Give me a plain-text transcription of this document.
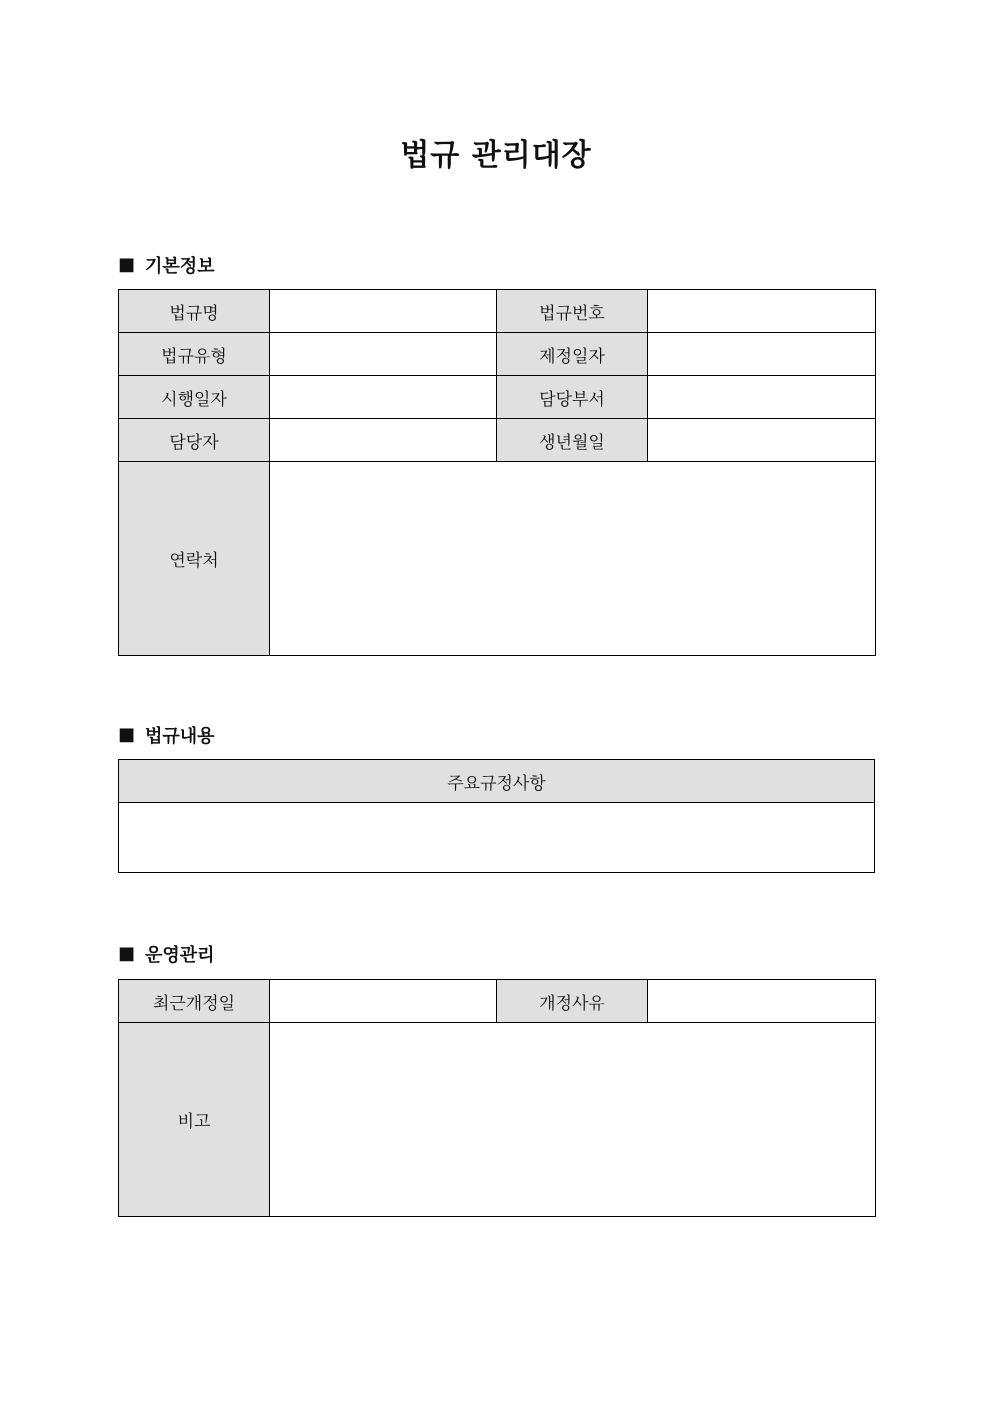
법규 관리대장
■ 기본정보
법규명		법규번호	
법규유형		제정일자	
시행일자		담당부서	
담당자		생년월일	
연락처			
■ 법규내용
주요규정사항

■ 운영관리
최근개정일		개정사유	
비고			
